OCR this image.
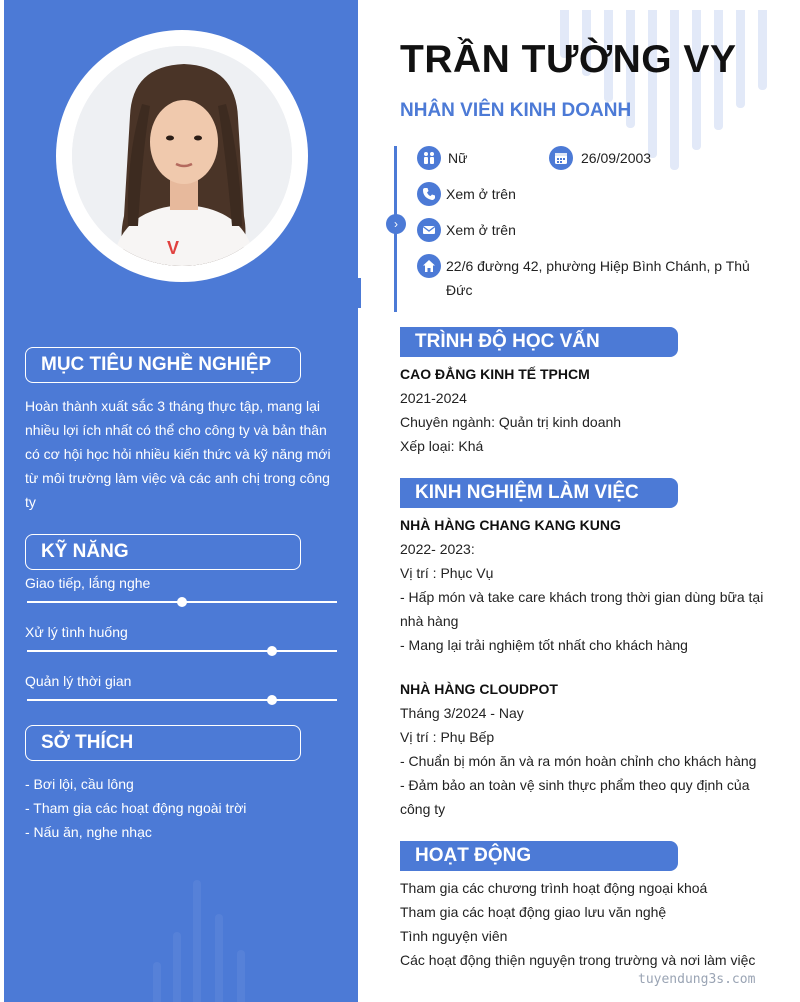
V
MỤC TIÊU NGHỀ NGHIỆP
Hoàn thành xuất sắc 3 tháng thực tập, mang lại
nhiều lợi ích nhất có thể cho công ty và bản thân
có cơ hội học hỏi nhiều kiến thức và kỹ năng mới
từ môi trường làm việc và các anh chị trong công
ty
KỸ NĂNG
Giao tiếp, lắng nghe
Xử lý tình huống
Quản lý thời gian
SỞ THÍCH
- Bơi lội, cầu lông
- Tham gia các hoạt động ngoài trời
- Nấu ăn, nghe nhạc
TRẦN TƯỜNG VY
NHÂN VIÊN KINH DOANH
›
Nữ	26/09/2003
Xem ở trên
Xem ở trên
22/6 đường 42, phường Hiệp Bình Chánh, p Thủ
Đức
TRÌNH ĐỘ HỌC VẤN
CAO ĐẲNG KINH TẾ TPHCM
2021-2024
Chuyên ngành: Quản trị kinh doanh
Xếp loại: Khá
KINH NGHIỆM LÀM VIỆC
NHÀ HÀNG CHANG KANG KUNG
2022- 2023:
Vị trí : Phục Vụ
- Hấp món và take care khách trong thời gian dùng bữa tại
nhà hàng
- Mang lại trải nghiệm tốt nhất cho khách hàng
NHÀ HÀNG CLOUDPOT
Tháng 3/2024 - Nay
Vị trí : Phụ Bếp
- Chuẩn bị món ăn và ra món hoàn chỉnh cho khách hàng
- Đảm bảo an toàn vệ sinh thực phẩm theo quy định của
công ty
HOẠT ĐỘNG
Tham gia các chương trình hoạt động ngoại khoá
Tham gia các hoạt động giao lưu văn nghệ
Tình nguyện viên
Các hoạt động thiện nguyện trong trường và nơi làm việc
tuyendung3s.com
